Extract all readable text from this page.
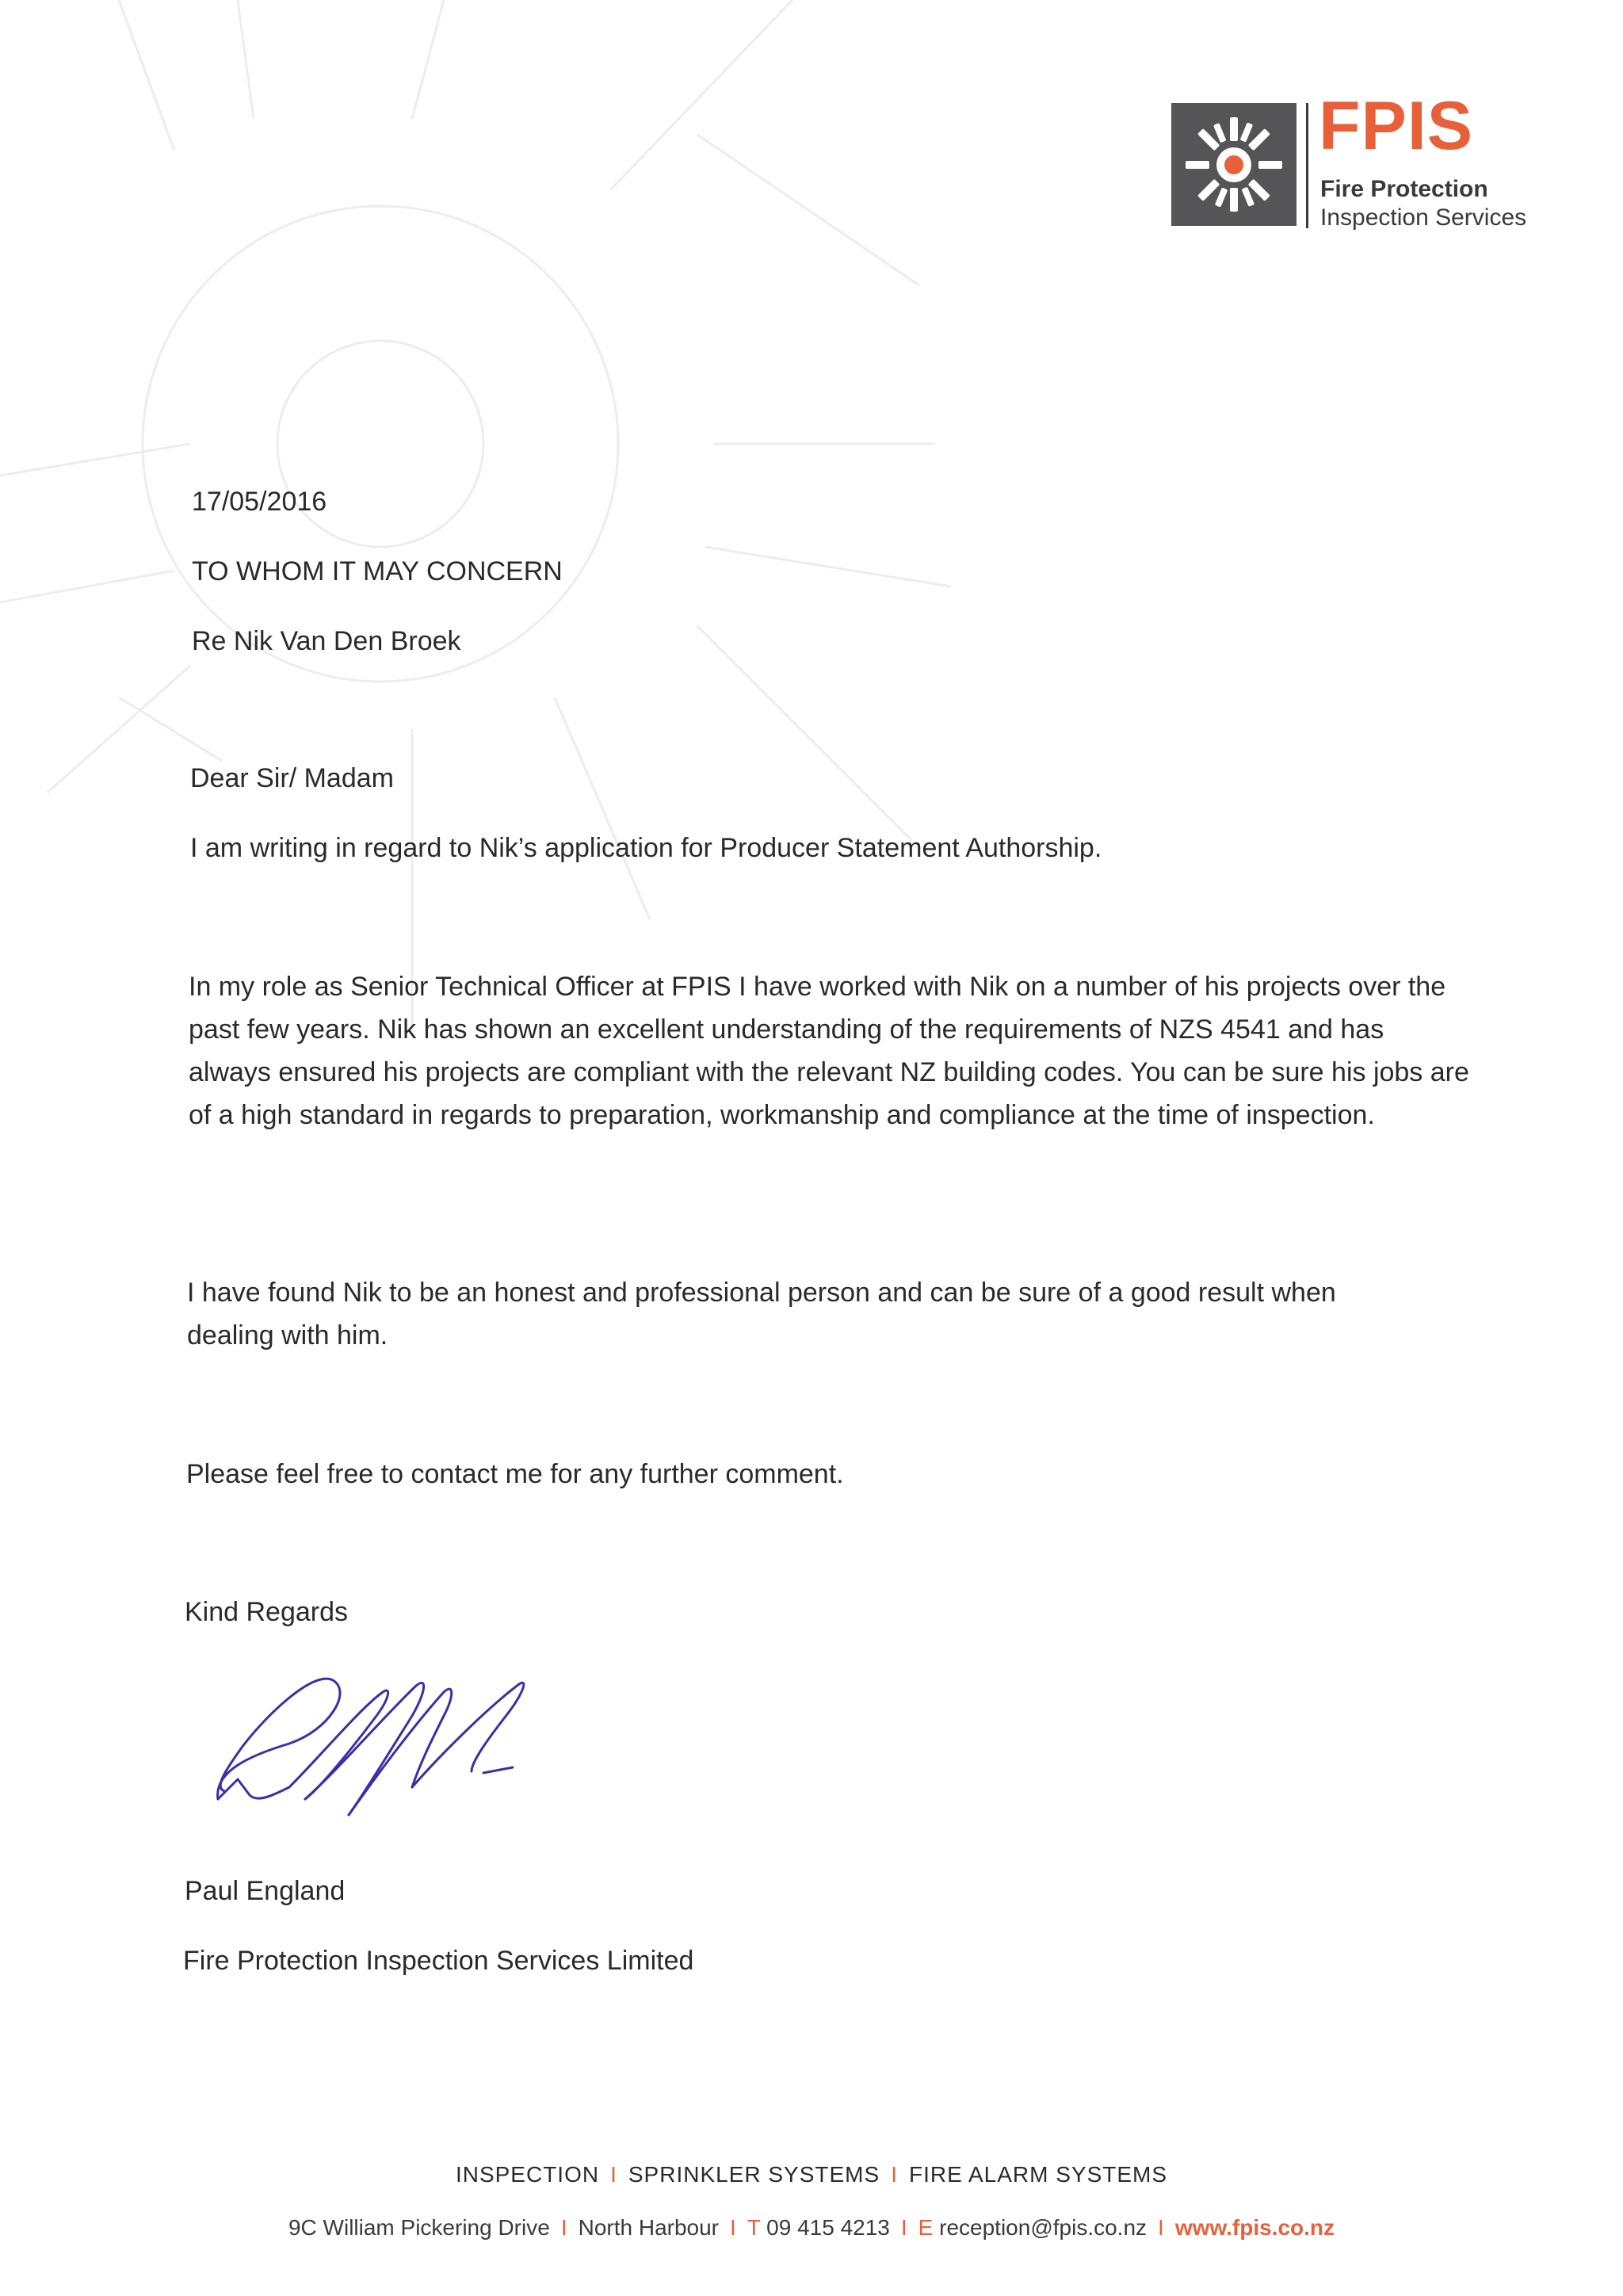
FPIS
Fire Protection
Inspection Services
17/05/2016
TO WHOM IT MAY CONCERN
Re Nik Van Den Broek
Dear Sir/ Madam
I am writing in regard to Nik’s application for Producer Statement Authorship.
In my role as Senior Technical Officer at FPIS I have worked with Nik on a number of his projects over the past few years. Nik has shown an excellent understanding of the requirements of NZS 4541 and has always ensured his projects are compliant with the relevant NZ building codes. You can be sure his jobs are of a high standard in regards to preparation, workmanship and compliance at the time of inspection.
I have found Nik to be an honest and professional person and can be sure of a good result when dealing with him.
Please feel free to contact me for any further comment.
Kind Regards
Paul England
Fire Protection Inspection Services Limited
INSPECTION I SPRINKLER SYSTEMS I FIRE ALARM SYSTEMS
9C William Pickering Drive I North Harbour I T 09 415 4213 I E reception@fpis.co.nz I www.fpis.co.nz
